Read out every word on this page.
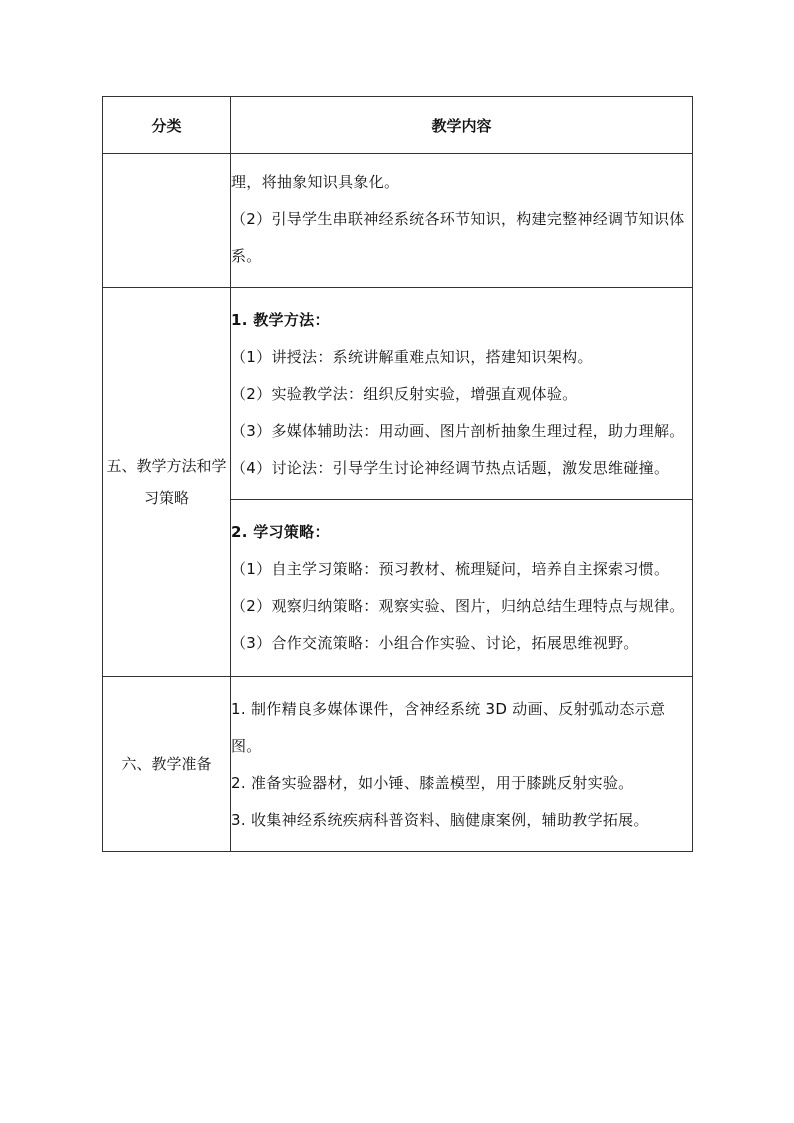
分类	教学内容

	理，将抽象知识具象化。

（2）引导学生串联神经系统各环节知识，构建完整神经调节知识体系。

五、教学方法和学习策略	1. 教学方法：

（1）讲授法：系统讲解重难点知识，搭建知识架构。

（2）实验教学法：组织反射实验，增强直观体验。

（3）多媒体辅助法：用动画、图片剖析抽象生理过程，助力理解。

（4）讨论法：引导学生讨论神经调节热点话题，激发思维碰撞。

	2. 学习策略：

（1）自主学习策略：预习教材、梳理疑问，培养自主探索习惯。

（2）观察归纳策略：观察实验、图片，归纳总结生理特点与规律。

（3）合作交流策略：小组合作实验、讨论，拓展思维视野。

六、教学准备	1. 制作精良多媒体课件，含神经系统 3D 动画、反射弧动态示意图。

2. 准备实验器材，如小锤、膝盖模型，用于膝跳反射实验。

3. 收集神经系统疾病科普资料、脑健康案例，辅助教学拓展。
